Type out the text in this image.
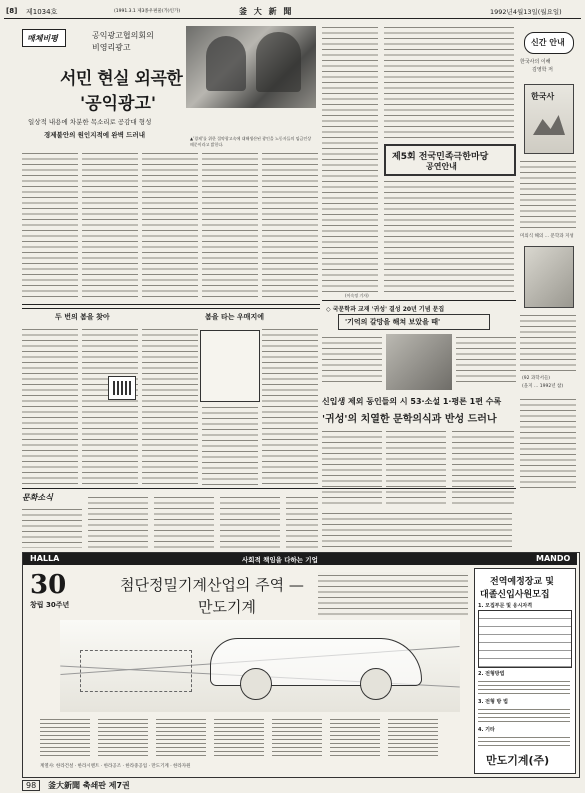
[8] 제1034호	(1991.3.1 제3종우편물(가)인가)	釜 大 新 聞	1992년4월13일(월요일)
매체비평	공익광고협의회의
비영리광고
서민 현실 외곡한
'공익광고'
일상적 내용에 차분한 목소리로 공감대 형성
경제불안의 원인지적에 완벽 드러내	▲'경제'를 위한 절약광고속에 대해생산된 광인을 노동자들의 임금인상 때문이라고 밝힌다.
(이숙정 기자)
제5회 전국민족극한마당
공연안내
신간 안내
한국사의 이해
김영학 저
한국사
미의식 해의 … 문학과 지성
(92 과학서들)
(을지 … 1992년 참)
◇ 국문학과 교재 '귀성' 결성 20년 기념 문집
'기억의 갈망을 해쳐 보았을 때'
신입생 제외 동인들의 시 53·소설 1·평론 1편 수록
'귀성'의 치열한 문학의식과 반성 드러나
두 번의 봄을 찾아	봄을 타는 우매지에
문화소식
HALLA	사회적 책임을 다하는 기업	MANDO
30
창립 30주년
첨단정밀기계산업의 주역 —
만도기계
계열사: 한라건설 · 한라시멘트 · 한라공조 · 한라중공업 · 만도기계 · 한라자원
전역예정장교 및
대졸신입사원모집
1. 모집부문 및 응시자격
2. 전형방법
3. 전형 방 법
4. 기타
만도기계(주)
98	釜大新聞 축쇄판 제7권
